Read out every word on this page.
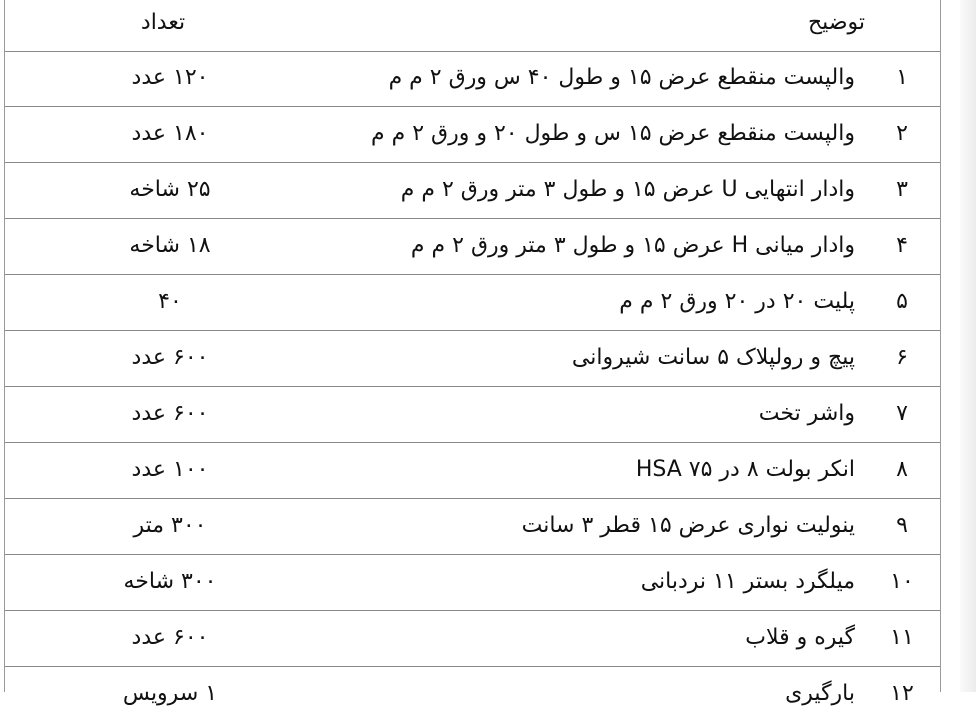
توضیح
تعداد
۱
والپست منقطع عرض ۱۵ و طول ۴۰ س ورق ۲ م م
۱۲۰ عدد
۲
والپست منقطع عرض ۱۵ س و طول ۲۰ و ورق ۲ م م
۱۸۰ عدد
۳
وادار انتهایی U عرض ۱۵ و طول ۳ متر ورق ۲ م م
۲۵ شاخه
۴
وادار میانی H عرض ۱۵ و طول ۳ متر ورق ۲ م م
۱۸ شاخه
۵
پلیت ۲۰ در ۲۰ ورق ۲ م م
۴۰
۶
پیچ و رولپلاک ۵ سانت شیروانی
۶۰۰ عدد
۷
واشر تخت
۶۰۰ عدد
۸
انکر بولت ۸ در HSA ۷۵
۱۰۰ عدد
۹
ینولیت نواری عرض ۱۵ قطر ۳ سانت
۳۰۰ متر
۱۰
میلگرد بستر ۱۱ نردبانی
۳۰۰ شاخه
۱۱
گیره و قلاب
۶۰۰ عدد
۱۲
بارگیری
۱ سرویس
